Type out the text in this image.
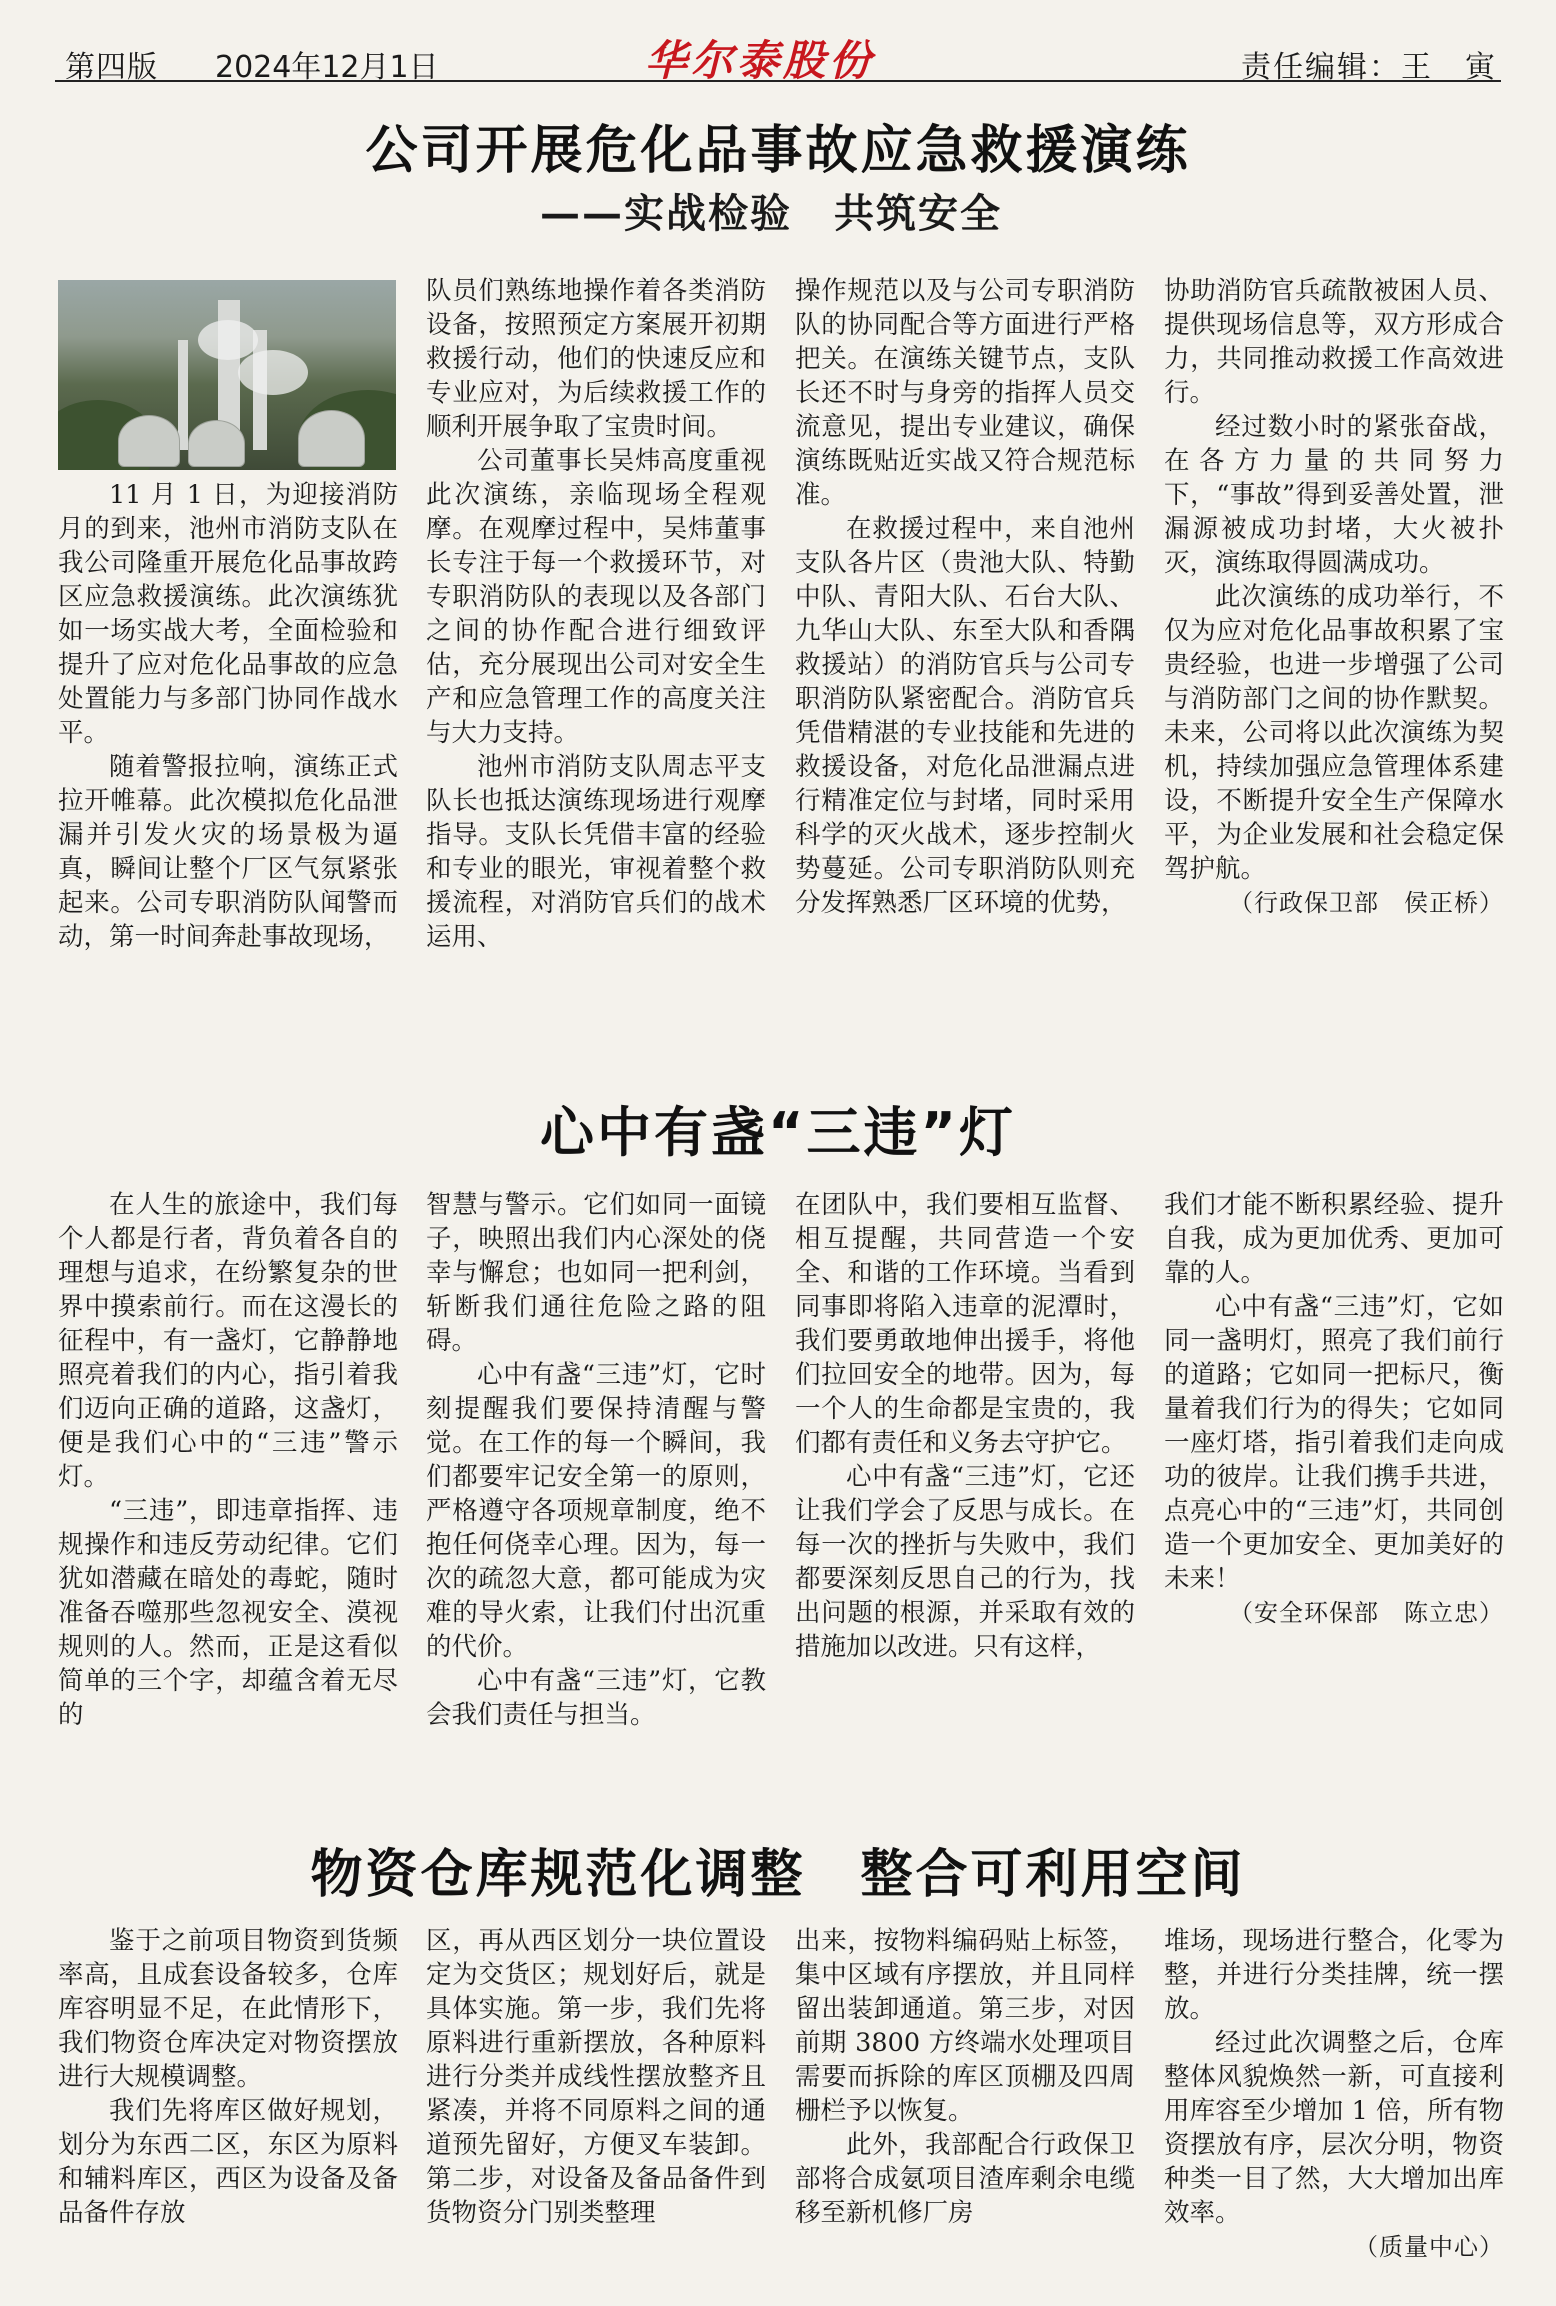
第四版 2024年12月1日	华尔泰股份	责任编辑：王　寅
公司开展危化品事故应急救援演练
——实战检验　共筑安全

11 月 1 日，为迎接消防月的到来，池州市消防支队在我公司隆重开展危化品事故跨区应急救援演练。此次演练犹如一场实战大考，全面检验和提升了应对危化品事故的应急处置能力与多部门协同作战水平。

随着警报拉响，演练正式拉开帷幕。此次模拟危化品泄漏并引发火灾的场景极为逼真，瞬间让整个厂区气氛紧张起来。公司专职消防队闻警而动，第一时间奔赴事故现场，

队员们熟练地操作着各类消防设备，按照预定方案展开初期救援行动，他们的快速反应和专业应对，为后续救援工作的顺利开展争取了宝贵时间。

公司董事长吴炜高度重视此次演练，亲临现场全程观摩。在观摩过程中，吴炜董事长专注于每一个救援环节，对专职消防队的表现以及各部门之间的协作配合进行细致评估，充分展现出公司对安全生产和应急管理工作的高度关注与大力支持。

池州市消防支队周志平支队长也抵达演练现场进行观摩指导。支队长凭借丰富的经验和专业的眼光，审视着整个救援流程，对消防官兵们的战术运用、

操作规范以及与公司专职消防队的协同配合等方面进行严格把关。在演练关键节点，支队长还不时与身旁的指挥人员交流意见，提出专业建议，确保演练既贴近实战又符合规范标准。

在救援过程中，来自池州支队各片区（贵池大队、特勤中队、青阳大队、石台大队、九华山大队、东至大队和香隅救援站）的消防官兵与公司专职消防队紧密配合。消防官兵凭借精湛的专业技能和先进的救援设备，对危化品泄漏点进行精准定位与封堵，同时采用科学的灭火战术，逐步控制火势蔓延。公司专职消防队则充分发挥熟悉厂区环境的优势，

协助消防官兵疏散被困人员、提供现场信息等，双方形成合力，共同推动救援工作高效进行。

经过数小时的紧张奋战，在各方力量的共同努力下，“事故”得到妥善处置，泄漏源被成功封堵，大火被扑灭，演练取得圆满成功。

此次演练的成功举行，不仅为应对危化品事故积累了宝贵经验，也进一步增强了公司与消防部门之间的协作默契。未来，公司将以此次演练为契机，持续加强应急管理体系建设，不断提升安全生产保障水平，为企业发展和社会稳定保驾护航。

（行政保卫部　侯正桥）
心中有盏“三违”灯

在人生的旅途中，我们每个人都是行者，背负着各自的理想与追求，在纷繁复杂的世界中摸索前行。而在这漫长的征程中，有一盏灯，它静静地照亮着我们的内心，指引着我们迈向正确的道路，这盏灯，便是我们心中的“三违”警示灯。

“三违”，即违章指挥、违规操作和违反劳动纪律。它们犹如潜藏在暗处的毒蛇，随时准备吞噬那些忽视安全、漠视规则的人。然而，正是这看似简单的三个字，却蕴含着无尽的

智慧与警示。它们如同一面镜子，映照出我们内心深处的侥幸与懈怠；也如同一把利剑，斩断我们通往危险之路的阻碍。

心中有盏“三违”灯，它时刻提醒我们要保持清醒与警觉。在工作的每一个瞬间，我们都要牢记安全第一的原则，严格遵守各项规章制度，绝不抱任何侥幸心理。因为，每一次的疏忽大意，都可能成为灾难的导火索，让我们付出沉重的代价。

心中有盏“三违”灯，它教会我们责任与担当。

在团队中，我们要相互监督、相互提醒，共同营造一个安全、和谐的工作环境。当看到同事即将陷入违章的泥潭时，我们要勇敢地伸出援手，将他们拉回安全的地带。因为，每一个人的生命都是宝贵的，我们都有责任和义务去守护它。

心中有盏“三违”灯，它还让我们学会了反思与成长。在每一次的挫折与失败中，我们都要深刻反思自己的行为，找出问题的根源，并采取有效的措施加以改进。只有这样，

我们才能不断积累经验、提升自我，成为更加优秀、更加可靠的人。

心中有盏“三违”灯，它如同一盏明灯，照亮了我们前行的道路；它如同一把标尺，衡量着我们行为的得失；它如同一座灯塔，指引着我们走向成功的彼岸。让我们携手共进，点亮心中的“三违”灯，共同创造一个更加安全、更加美好的未来！

（安全环保部　陈立忠）
物资仓库规范化调整　整合可利用空间

鉴于之前项目物资到货频率高，且成套设备较多，仓库库容明显不足，在此情形下，我们物资仓库决定对物资摆放进行大规模调整。

我们先将库区做好规划，划分为东西二区，东区为原料和辅料库区，西区为设备及备品备件存放

区，再从西区划分一块位置设定为交货区；规划好后，就是具体实施。第一步，我们先将原料进行重新摆放，各种原料进行分类并成线性摆放整齐且紧凑，并将不同原料之间的通道预先留好，方便叉车装卸。第二步，对设备及备品备件到货物资分门别类整理

出来，按物料编码贴上标签，集中区域有序摆放，并且同样留出装卸通道。第三步，对因前期 3800 方终端水处理项目需要而拆除的库区顶棚及四周栅栏予以恢复。

此外，我部配合行政保卫部将合成氨项目渣库剩余电缆移至新机修厂房

堆场，现场进行整合，化零为整，并进行分类挂牌，统一摆放。

经过此次调整之后，仓库整体风貌焕然一新，可直接利用库容至少增加 1 倍，所有物资摆放有序，层次分明，物资种类一目了然，大大增加出库效率。

（质量中心）
